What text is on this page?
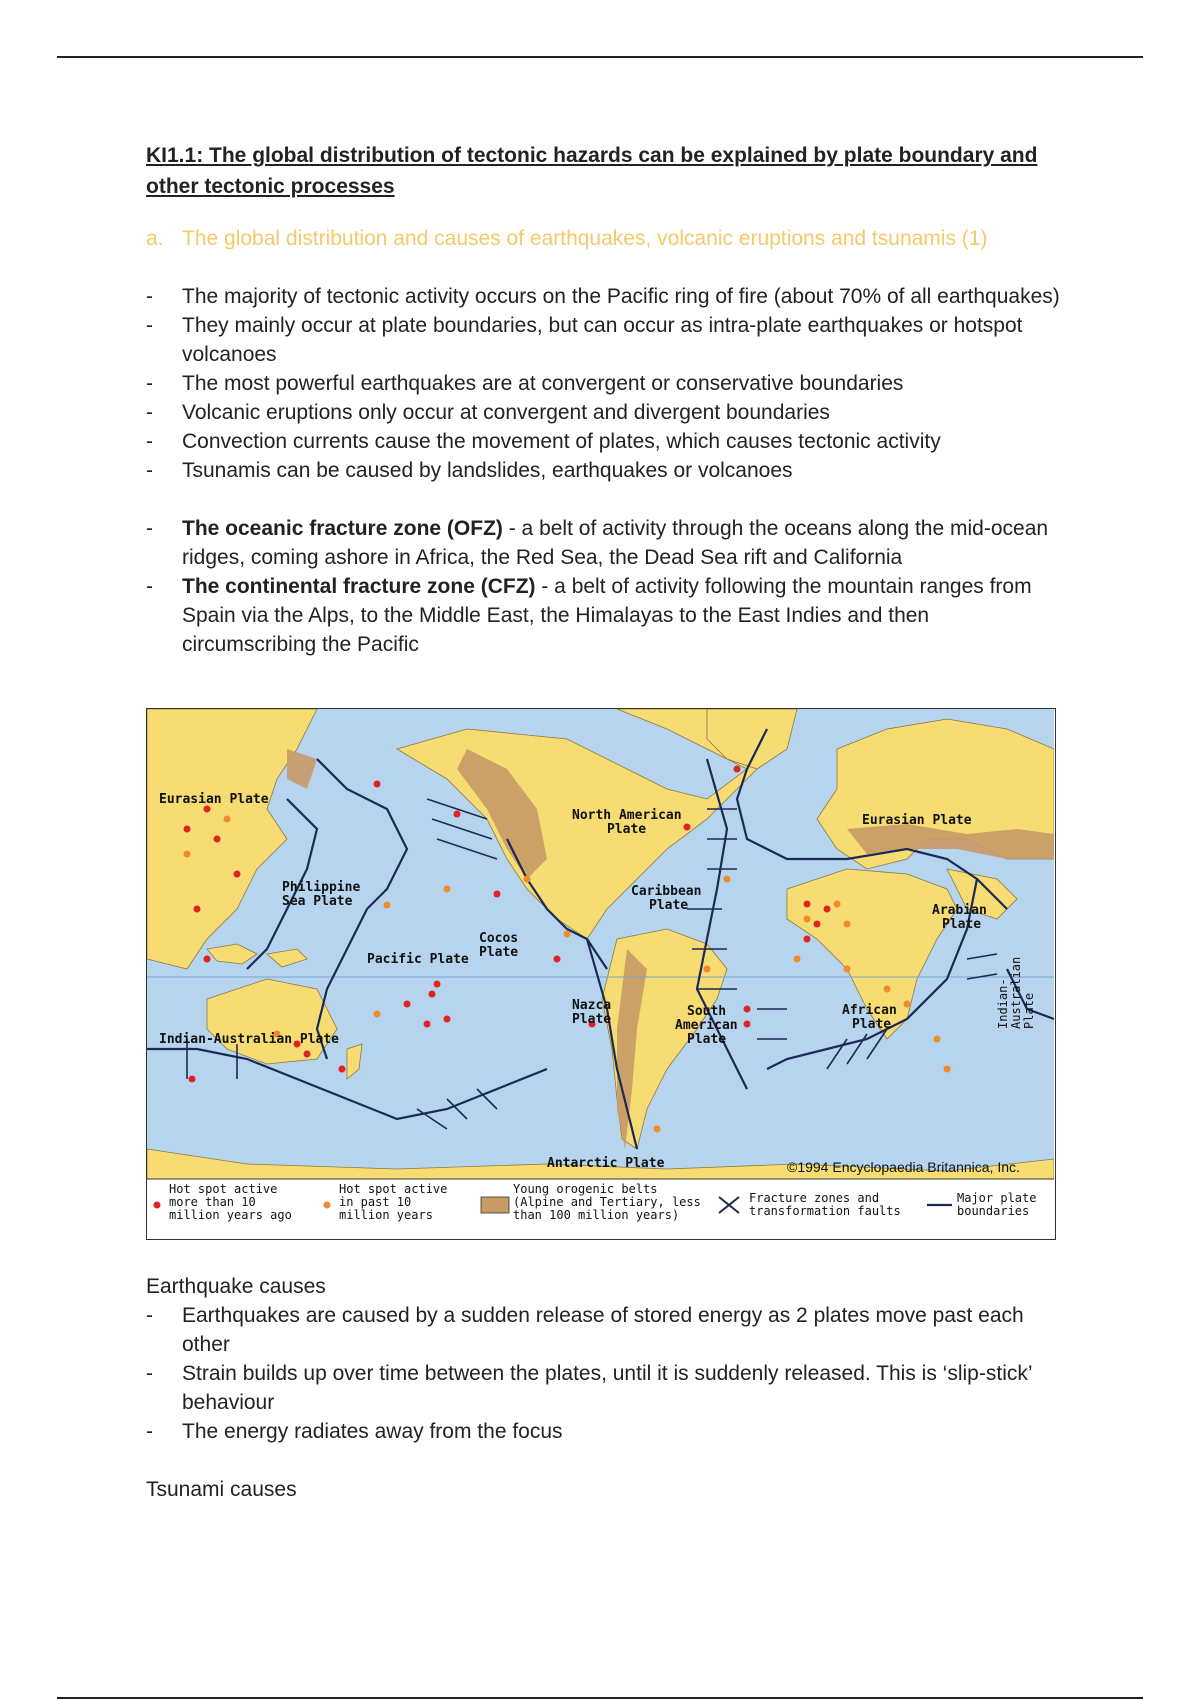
KI1.1: The global distribution of tectonic hazards can be explained by plate boundary and other tectonic processes

a. The global distribution and causes of earthquakes, volcanic eruptions and tsunamis (1)
- The majority of tectonic activity occurs on the Pacific ring of fire (about 70% of all earthquakes)
- They mainly occur at plate boundaries, but can occur as intra-plate earthquakes or hotspot volcanoes
- The most powerful earthquakes are at convergent or conservative boundaries
- Volcanic eruptions only occur at convergent and divergent boundaries
- Convection currents cause the movement of plates, which causes tectonic activity
- Tsunamis can be caused by landslides, earthquakes or volcanoes
- The oceanic fracture zone (OFZ) - a belt of activity through the oceans along the mid-ocean ridges, coming ashore in Africa, the Red Sea, the Dead Sea rift and California
- The continental fracture zone (CFZ) - a belt of activity following the mountain ranges from Spain via the Alps, to the Middle East, the Himalayas to the East Indies and then circumscribing the Pacific
Eurasian Plate
Eurasian Plate
North American
Plate
Philippine
Sea Plate
Caribbean
Plate	Arabian
Plate
Cocos
Plate
Pacific Plate
Nazca
Plate
South
American
Plate
African
Plate
Indian-Australian Plate
Indian- Australian Plate
Antarctic Plate	©1994 Encyclopaedia Britannica, Inc.
Hot spot active
more than 10
million years ago
Hot spot active
in past 10
million years
Young orogenic belts
(Alpine and Tertiary, less
than 100 million years)
Fracture zones and
transformation faults
Major plate
boundaries
Earthquake causes
- Earthquakes are caused by a sudden release of stored energy as 2 plates move past each other
- Strain builds up over time between the plates, until it is suddenly released. This is ‘slip-stick’ behaviour
- The energy radiates away from the focus
Tsunami causes
